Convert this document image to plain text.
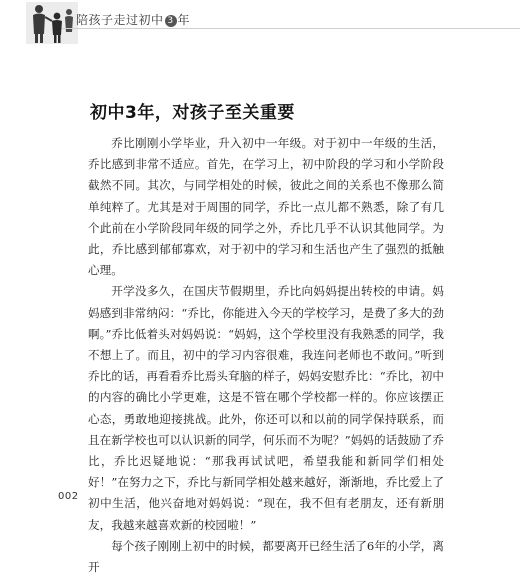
陪孩子走过初中 3 年
初中3年，对孩子至关重要

乔比刚刚小学毕业，升入初中一年级。对于初中一年级的生活，乔比感到非常不适应。首先，在学习上，初中阶段的学习和小学阶段截然不同。其次，与同学相处的时候，彼此之间的关系也不像那么简单纯粹了。尤其是对于周围的同学，乔比一点儿都不熟悉，除了有几个此前在小学阶段同年级的同学之外，乔比几乎不认识其他同学。为此，乔比感到郁郁寡欢，对于初中的学习和生活也产生了强烈的抵触心理。

开学没多久，在国庆节假期里，乔比向妈妈提出转校的申请。妈妈感到非常纳闷：“乔比，你能进入今天的学校学习，是费了多大的劲啊。”乔比低着头对妈妈说：“妈妈，这个学校里没有我熟悉的同学，我不想上了。而且，初中的学习内容很难，我连问老师也不敢问。”听到乔比的话，再看看乔比焉头耷脑的样子，妈妈安慰乔比：“乔比，初中的内容的确比小学更难，这是不管在哪个学校都一样的。你应该摆正心态，勇敢地迎接挑战。此外，你还可以和以前的同学保持联系，而且在新学校也可以认识新的同学，何乐而不为呢？”妈妈的话鼓励了乔比，乔比迟疑地说：“那我再试试吧，希望我能和新同学们相处好！”在努力之下，乔比与新同学相处越来越好，渐渐地，乔比爱上了初中生活，他兴奋地对妈妈说：“现在，我不但有老朋友，还有新朋友，我越来越喜欢新的校园啦！”

每个孩子刚刚上初中的时候，都要离开已经生活了6年的小学，离开

002
